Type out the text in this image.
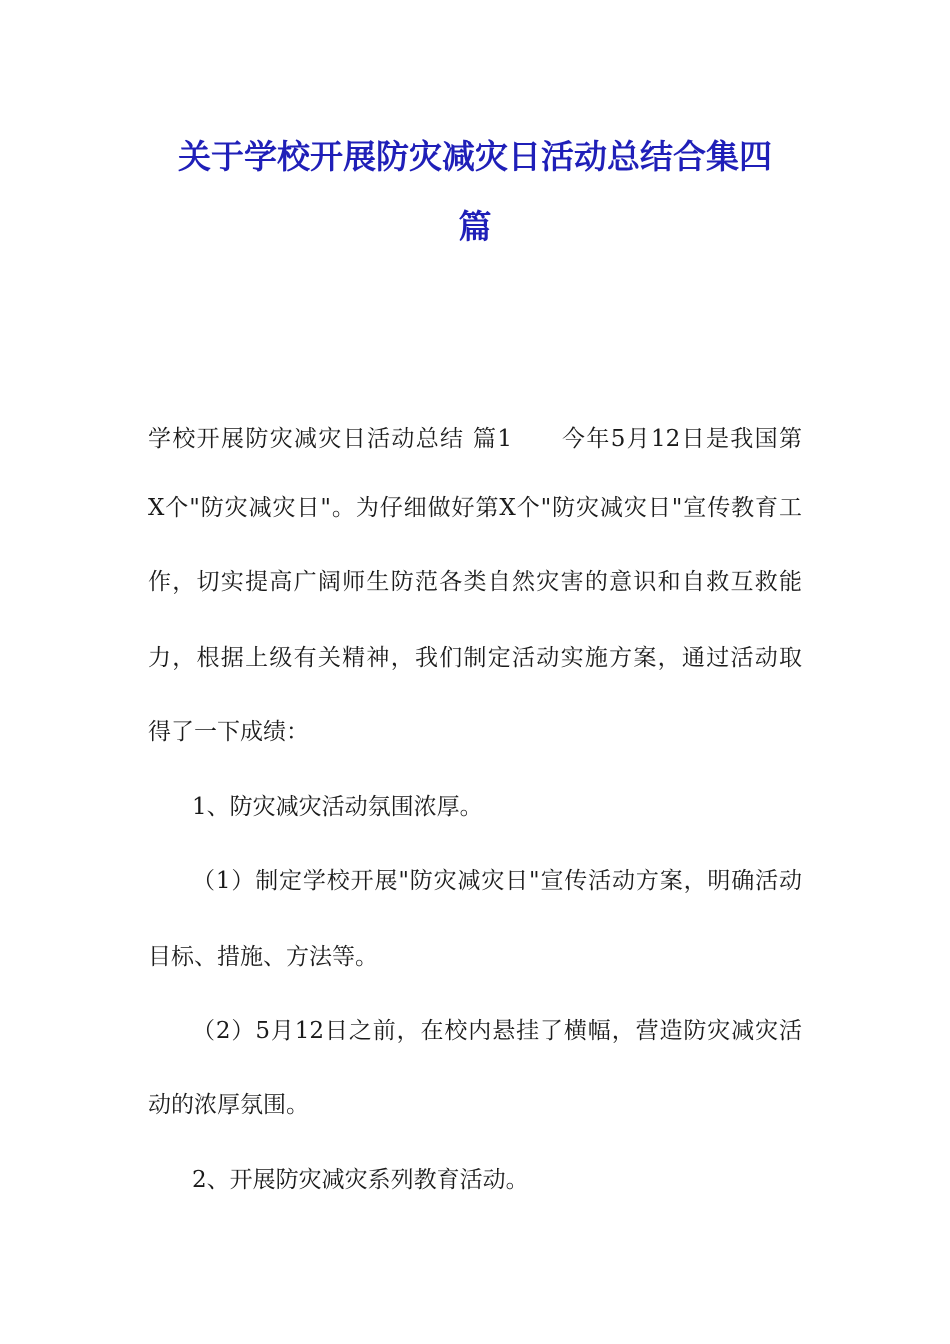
关于学校开展防灾减灾日活动总结合集四
篇

学校开展防灾减灾日活动总结 篇1　　今年5月12日是我国第

X个"防灾减灾日"。为仔细做好第X个"防灾减灾日"宣传教育工

作，切实提高广阔师生防范各类自然灾害的意识和自救互救能

力，根据上级有关精神，我们制定活动实施方案，通过活动取

得了一下成绩：

1、防灾减灾活动氛围浓厚。

（1）制定学校开展"防灾减灾日"宣传活动方案，明确活动

目标、措施、方法等。

（2）5月12日之前，在校内悬挂了横幅，营造防灾减灾活

动的浓厚氛围。

2、开展防灾减灾系列教育活动。
